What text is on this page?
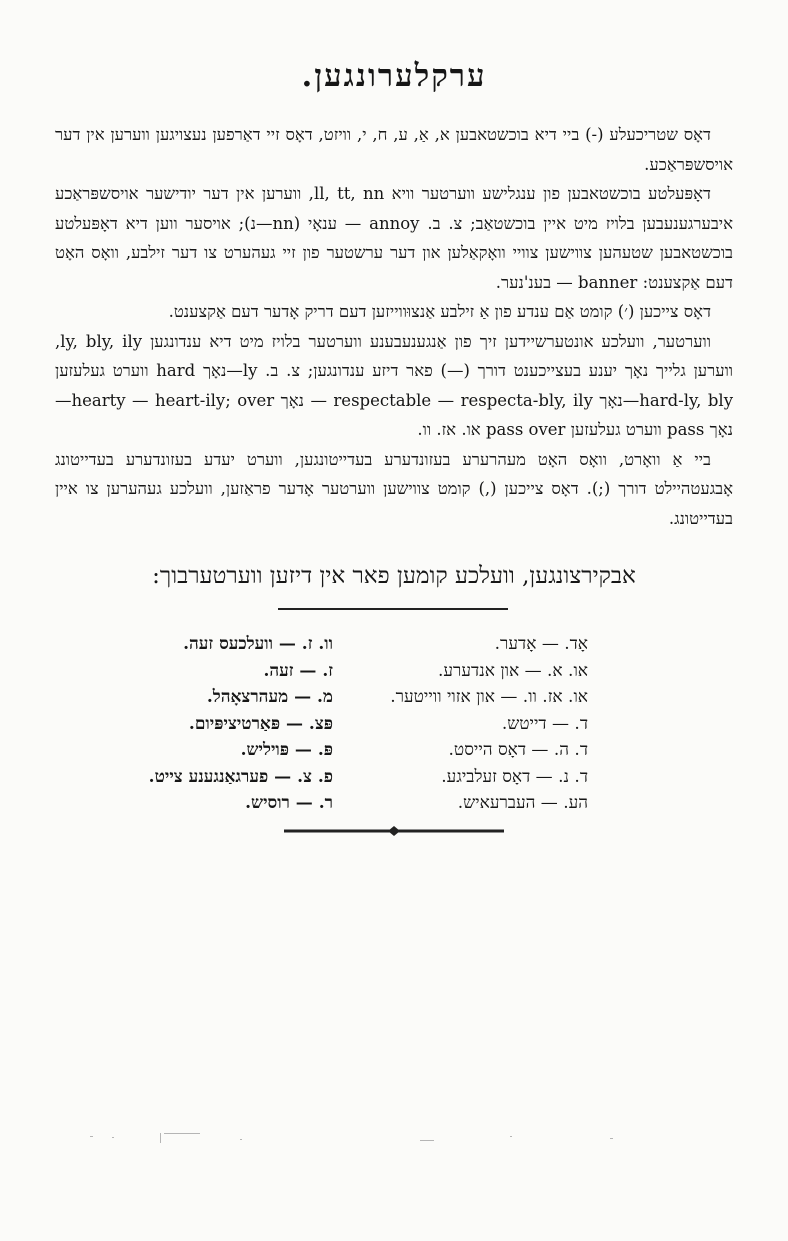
ערקלערונגען.

דאָס שטריכעלע (-) ביי דיא בוכשטאבען א, אַ, ע, ח, י, וויזט, דאָס זיי דאַרפען נעצויגען ווערען אין דער אויסשפּראַכע.

דאָפּעלטע בוכשטאבען פון ענגלישע ווערטער וויא ll, tt, nn, ווערען אין דער יודישער אויסשפּראַכע איבערגענעבען בלויז מיט איין בוכשטאַב; צ. ב. annoy — ענאָי (nn—נ); אויסער ווען דיא דאָפּעלטע בוכשטאבען שטעהען צווישען צוויי וואָקאַלען און דער ערשטער פון זיי געהערט צו דער זילבע, וואָס האָט דעם אַקצענט: banner — בענ'נער.

דאָס צייכען (׳) קומט אַם ענדע פון אַ זילבע אַנצוּווייזען דעם דריק אָדער דעם אַקצענט.

ווערטער, וועלכע אונטערשיידען זיך פון אַנגענעבענע ווערטער בלויז מיט דיא ענדונגען ly, bly, ily, ווערען גלייך נאָך יענע בעצייכענט דורך (—) פאר דיזע ענדונגען; צ. ב. ly—נאָך hard ווערט געלעזען hard-ly, bly—נאָך respectable — respecta-bly, ily — נאָך hearty — heart-ily; over—נאָך pass ווערט געלעזען pass over או. אז. וו.

ביי אַ וואָרט, וואָס האָט מעהרערע בעזונדערע בעדייטונגען, ווערט יעדע בעזונדערע בעדייטונג אָבגעטהיילט דורך (;). דאָס צייכען (,) קומט צווישען ווערטער אָדער פראַזען, וועלכע געהערען צו איין בעדייטונג.

אבקירצונגען, וועלכע קומען פאר אין דיזען ווערטערבוך:
אָד. — אָדער.
או. א. — און אנדערע.
או. אז. וו. — און אזוי ווייטער.
ד. — דייטש.
ד. ה. — דאָס הייסט.
ד. נ. — דאָס זעלביגע.
הע. — העברעאיש.
וו. ז. — וועלכעס זעה.
ז. — זעה.
מ. — מעהרצאָהל.
פּצ. — פּאַרטיציפּיום.
פּ. — פּויליש.
פ. צ. — פערגאַנגענע צייט.
ר. — רוסיש.
